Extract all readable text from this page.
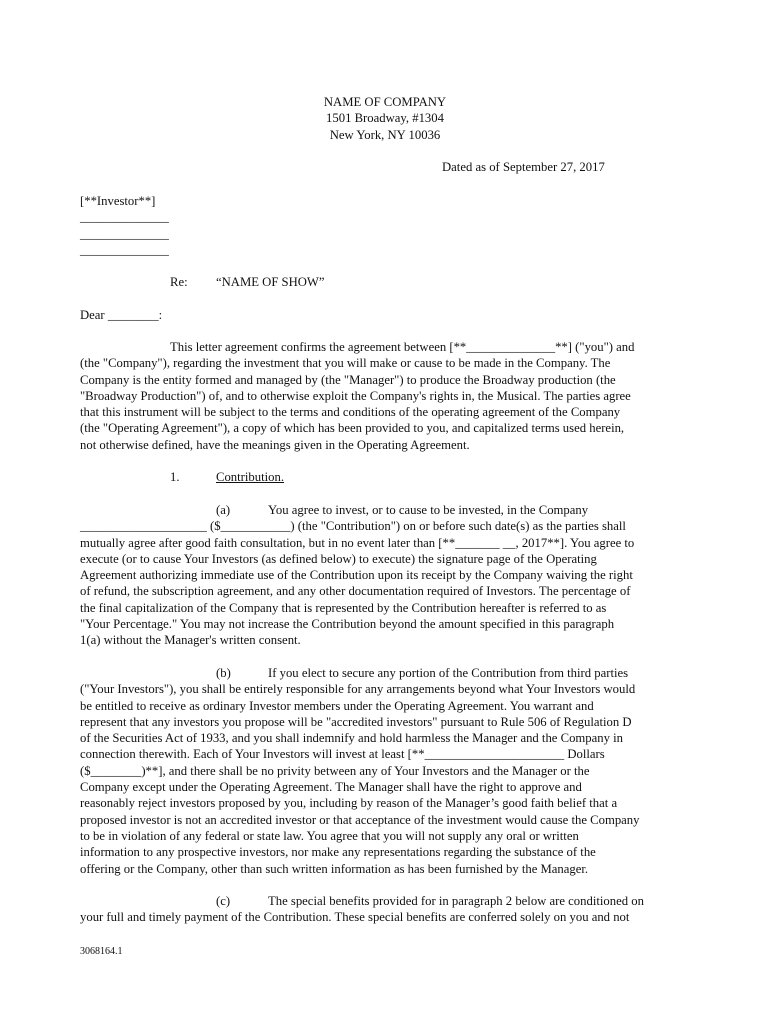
NAME OF COMPANY
1501 Broadway, #1304
New York, NY 10036
Dated as of September 27, 2017
[**Investor**]
______________
______________
______________
Re: “NAME OF SHOW”
Dear ________:
This letter agreement confirms the agreement between [**______________**] ("you") and
(the "Company"), regarding the investment that you will make or cause to be made in the Company. The
Company is the entity formed and managed by (the "Manager") to produce the Broadway production (the
"Broadway Production") of, and to otherwise exploit the Company's rights in, the Musical. The parties agree
that this instrument will be subject to the terms and conditions of the operating agreement of the Company
(the "Operating Agreement"), a copy of which has been provided to you, and capitalized terms used herein,
not otherwise defined, have the meanings given in the Operating Agreement.
1.	Contribution.
(a)	You agree to invest, or to cause to be invested, in the Company
____________________ ($___________) (the "Contribution") on or before such date(s) as the parties shall
mutually agree after good faith consultation, but in no event later than [**_______ __, 2017**]. You agree to
execute (or to cause Your Investors (as defined below) to execute) the signature page of the Operating
Agreement authorizing immediate use of the Contribution upon its receipt by the Company waiving the right
of refund, the subscription agreement, and any other documentation required of Investors. The percentage of
the final capitalization of the Company that is represented by the Contribution hereafter is referred to as
"Your Percentage." You may not increase the Contribution beyond the amount specified in this paragraph
1(a) without the Manager's written consent.
(b)	If you elect to secure any portion of the Contribution from third parties
("Your Investors"), you shall be entirely responsible for any arrangements beyond what Your Investors would
be entitled to receive as ordinary Investor members under the Operating Agreement. You warrant and
represent that any investors you propose will be "accredited investors" pursuant to Rule 506 of Regulation D
of the Securities Act of 1933, and you shall indemnify and hold harmless the Manager and the Company in
connection therewith. Each of Your Investors will invest at least [**______________________ Dollars
($________)**], and there shall be no privity between any of Your Investors and the Manager or the
Company except under the Operating Agreement. The Manager shall have the right to approve and
reasonably reject investors proposed by you, including by reason of the Manager’s good faith belief that a
proposed investor is not an accredited investor or that acceptance of the investment would cause the Company
to be in violation of any federal or state law. You agree that you will not supply any oral or written
information to any prospective investors, nor make any representations regarding the substance of the
offering or the Company, other than such written information as has been furnished by the Manager.
(c)	The special benefits provided for in paragraph 2 below are conditioned on
your full and timely payment of the Contribution. These special benefits are conferred solely on you and not
3068164.1
